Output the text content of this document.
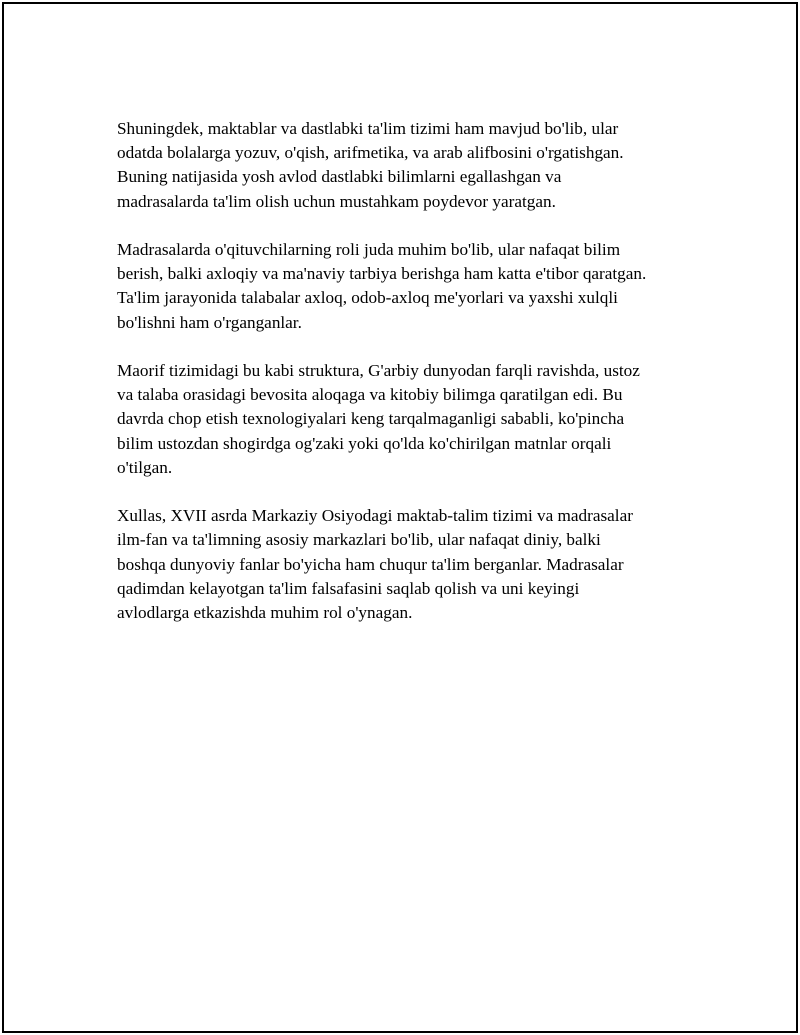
Shuningdek, maktablar va dastlabki ta'lim tizimi ham mavjud bo'lib, ular
odatda bolalarga yozuv, o'qish, arifmetika, va arab alifbosini o'rgatishgan.
Buning natijasida yosh avlod dastlabki bilimlarni egallashgan va
madrasalarda ta'lim olish uchun mustahkam poydevor yaratgan.

Madrasalarda o'qituvchilarning roli juda muhim bo'lib, ular nafaqat bilim
berish, balki axloqiy va ma'naviy tarbiya berishga ham katta e'tibor qaratgan.
Ta'lim jarayonida talabalar axloq, odob-axloq me'yorlari va yaxshi xulqli
bo'lishni ham o'rganganlar.

Maorif tizimidagi bu kabi struktura, G'arbiy dunyodan farqli ravishda, ustoz
va talaba orasidagi bevosita aloqaga va kitobiy bilimga qaratilgan edi. Bu
davrda chop etish texnologiyalari keng tarqalmaganligi sababli, ko'pincha
bilim ustozdan shogirdga og'zaki yoki qo'lda ko'chirilgan matnlar orqali
o'tilgan.

Xullas, XVII asrda Markaziy Osiyodagi maktab-talim tizimi va madrasalar
ilm-fan va ta'limning asosiy markazlari bo'lib, ular nafaqat diniy, balki
boshqa dunyoviy fanlar bo'yicha ham chuqur ta'lim berganlar. Madrasalar
qadimdan kelayotgan ta'lim falsafasini saqlab qolish va uni keyingi
avlodlarga etkazishda muhim rol o'ynagan.
